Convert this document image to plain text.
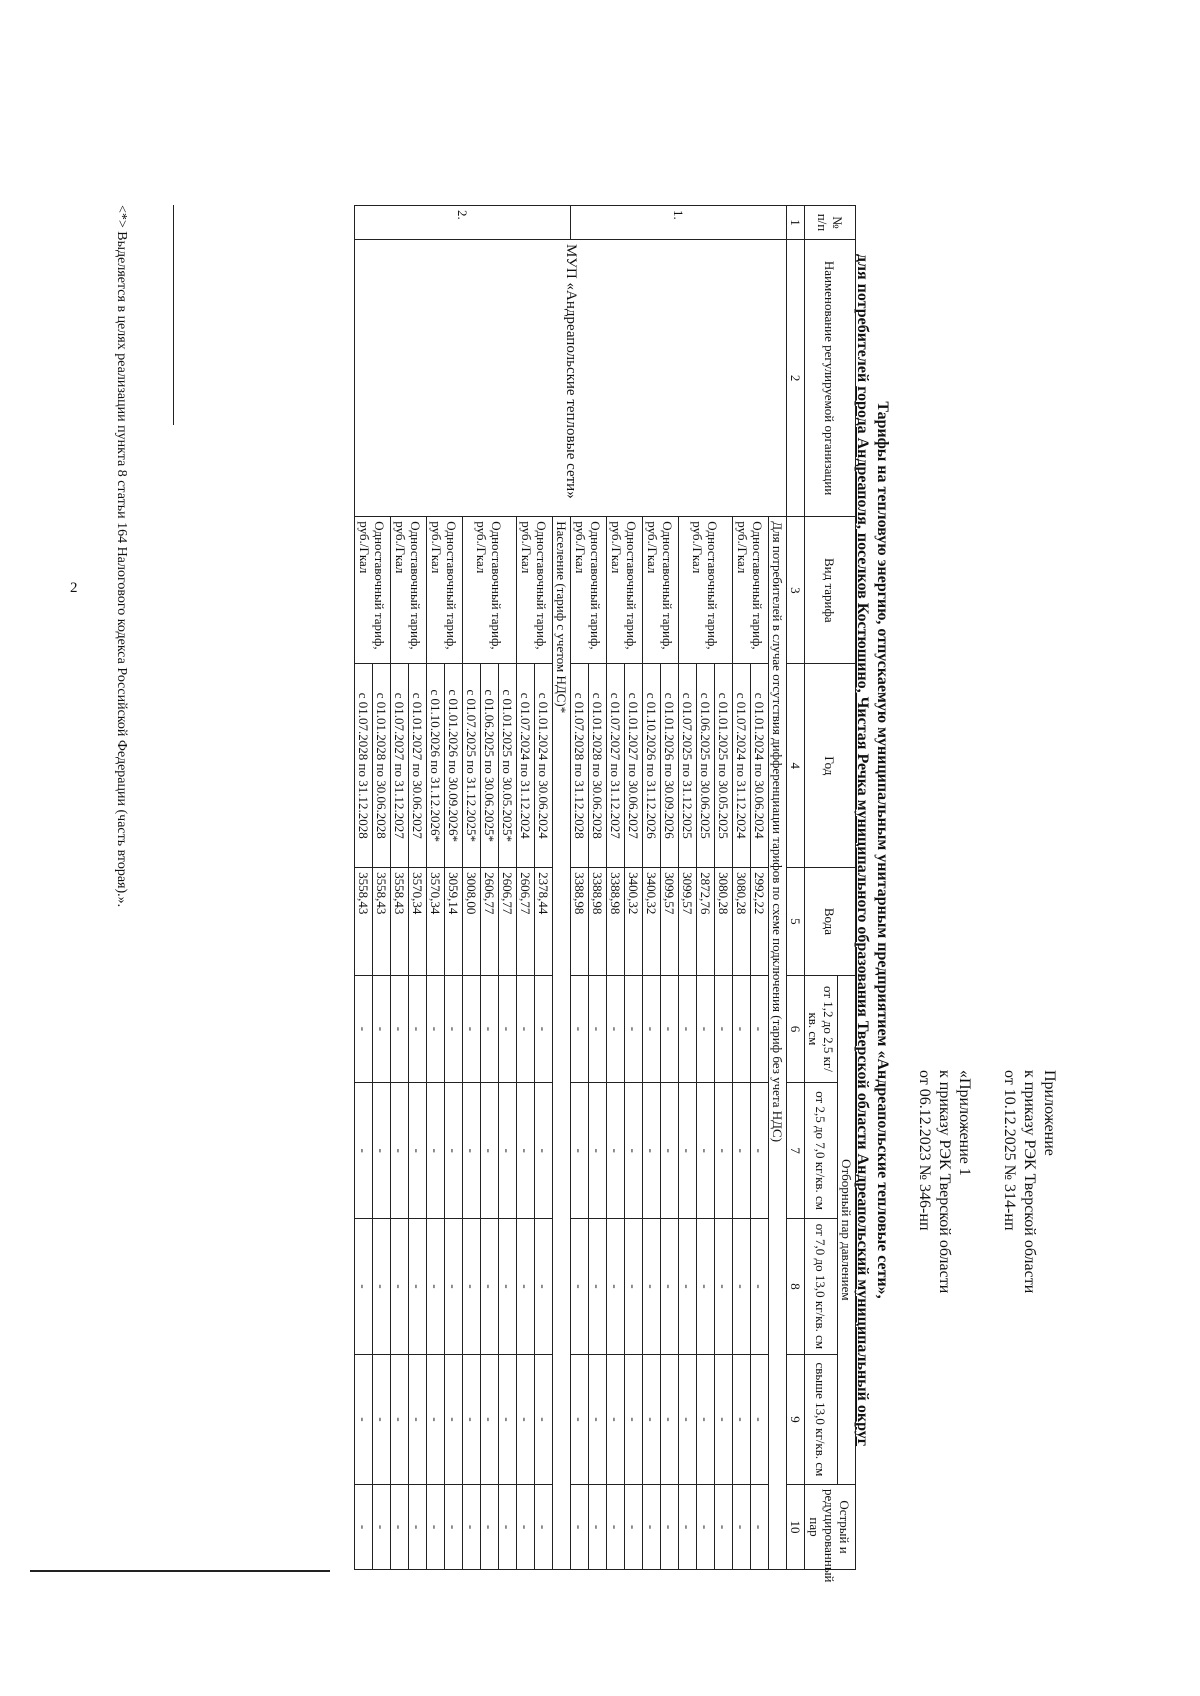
2
Приложение
к приказу РЭК Тверской области
от 10.12.2025 № 314-нп
«Приложение 1
к приказу РЭК Тверской области
от 06.12.2023 № 346-нп
Тарифы на тепловую энергию, отпускаемую муниципальным унитарным предприятием «Андреапольские тепловые сети»,
для потребителей города Андреаполя, поселков Костюшино, Чистая Речка муниципального образования Тверской области Андреапольский муниципальный округ
№ п/п	Наименование регулируемой организации	Вид тарифа	Год	Вода	Отборный пар давлением				Острый и редуцированный пар
					от 1,2 до 2,5 кг/кв. см	от 2,5 до 7,0 кг/кв. см	от 7,0 до 13,0 кг/кв. см	свыше 13,0 кг/кв. см	
1	2	3	4	5	6	7	8	9	10
1.	МУП «Андреапольские тепловые сети»	Для потребителей в случае отсутствия дифференциации тарифов по схеме подключения (тариф без учета НДС)							
		Одноставочный тариф, руб./Гкал	с 01.01.2024 по 30.06.2024	2992,22	-	-	-	-	-
			с 01.07.2024 по 31.12.2024	3080,28	-	-	-	-	-
		Одноставочный тариф, руб./Гкал	с 01.01.2025 по 30.05.2025	3080,28	-	-	-	-	-
			с 01.06.2025 по 30.06.2025	2872,76	-	-	-	-	-
			с 01.07.2025 по 31.12.2025	3099,57	-	-	-	-	-
		Одноставочный тариф, руб./Гкал	с 01.01.2026 по 30.09.2026	3099,57	-	-	-	-	-
			с 01.10.2026 по 31.12.2026	3400,32	-	-	-	-	-
		Одноставочный тариф, руб./Гкал	с 01.01.2027 по 30.06.2027	3400,32	-	-	-	-	-
			с 01.07.2027 по 31.12.2027	3388,98	-	-	-	-	-
		Одноставочный тариф, руб./Гкал	с 01.01.2028 по 30.06.2028	3388,98	-	-	-	-	-
			с 01.07.2028 по 31.12.2028	3388,98	-	-	-	-	-
2.		Население (тариф с учетом НДС)*							
		Одноставочный тариф, руб./Гкал	с 01.01.2024 по 30.06.2024	2378,44	-	-	-	-	-
			с 01.07.2024 по 31.12.2024	2606,77	-	-	-	-	-
		Одноставочный тариф, руб./Гкал	с 01.01.2025 по 30.05.2025*	2606,77	-	-	-	-	-
			с 01.06.2025 по 30.06.2025*	2606,77	-	-	-	-	-
			с 01.07.2025 по 31.12.2025*	3008,00	-	-	-	-	-
		Одноставочный тариф, руб./Гкал	с 01.01.2026 по 30.09.2026*	3059,14	-	-	-	-	-
			с 01.10.2026 по 31.12.2026*	3570,34	-	-	-	-	-
		Одноставочный тариф, руб./Гкал	с 01.01.2027 по 30.06.2027	3570,34	-	-	-	-	-
			с 01.07.2027 по 31.12.2027	3558,43	-	-	-	-	-
		Одноставочный тариф, руб./Гкал	с 01.01.2028 по 30.06.2028	3558,43	-	-	-	-	-
			с 01.07.2028 по 31.12.2028	3558,43	-	-	-	-	-
<*> Выделяется в целях реализации пункта 8 статьи 164 Налогового кодекса Российской Федерации (часть вторая).».
